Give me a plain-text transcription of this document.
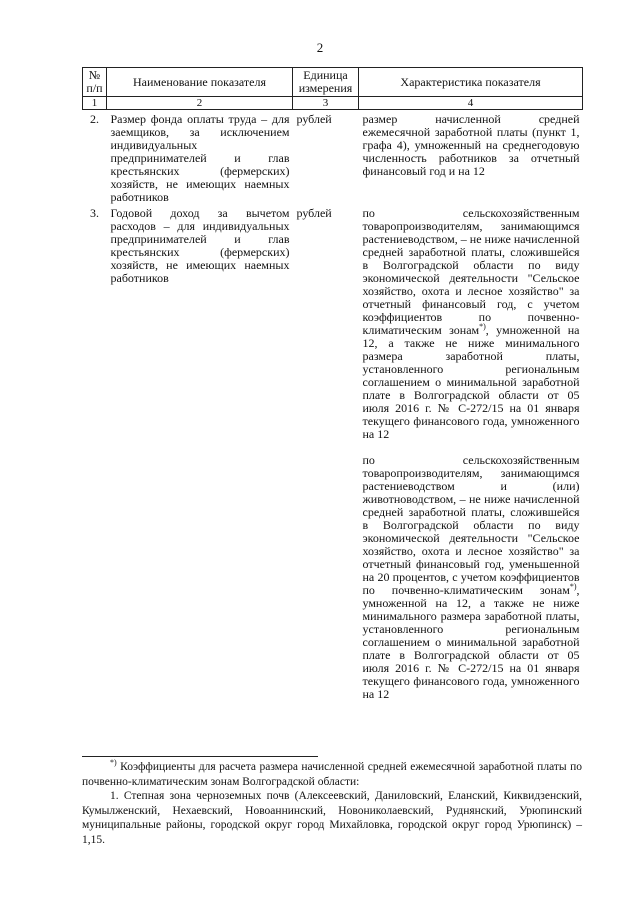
2
№ п/п	Наименование показателя	Единица измерения	Характеристика показателя
1	2	3	4
2.	Размер фонда оплаты труда – для заемщиков, за исключением индивидуальных предпринимателей и глав крестьянских (фермерских) хозяйств, не имеющих наемных работников	рублей	размер начисленной средней ежемесячной заработной платы (пункт 1, графа 4), умноженный на среднегодовую численность работников за отчетный финансовый год и на 12

3.	Годовой доход за вычетом расходов – для индивидуальных предпринимателей и глав крестьянских (фермерских) хозяйств, не имеющих наемных работников	рублей	по сельскохозяйственным товаропроизводителям, занимающимся растениеводством, – не ниже начисленной средней заработной платы, сложившейся в Волгоградской области по виду экономической деятельности "Сельское хозяйство, охота и лесное хозяйство" за отчетный финансовый год, с учетом коэффициентов по почвенно-климатическим зонам*), умноженной на 12, а также не ниже минимального размера заработной платы, установленного региональным соглашением о минимальной заработной плате в Волгоградской области от 05 июля 2016 г. № С-272/15 на 01 января текущего финансового года, умноженного на 12
по сельскохозяйственным товаропроизводителям, занимающимся растениеводством и (или) животноводством, – не ниже начисленной средней заработной платы, сложившейся в Волгоградской области по виду экономической деятельности "Сельское хозяйство, охота и лесное хозяйство" за отчетный финансовый год, уменьшенной на 20 процентов, с учетом коэффициентов по почвенно-климатическим зонам*), умноженной на 12, а также не ниже минимального размера заработной платы, установленного региональным соглашением о минимальной заработной плате в Волгоградской области от 05 июля 2016 г. № С-272/15 на 01 января текущего финансового года, умноженного на 12

*) Коэффициенты для расчета размера начисленной средней ежемесячной заработной платы по почвенно-климатическим зонам Волгоградской области:

1. Степная зона черноземных почв (Алексеевский, Даниловский, Еланский, Киквидзенский, Кумылженский, Нехаевский, Новоаннинский, Новониколаевский, Руднянский, Урюпинский муниципальные районы, городской округ город Михайловка, городской округ город Урюпинск) – 1,15.
